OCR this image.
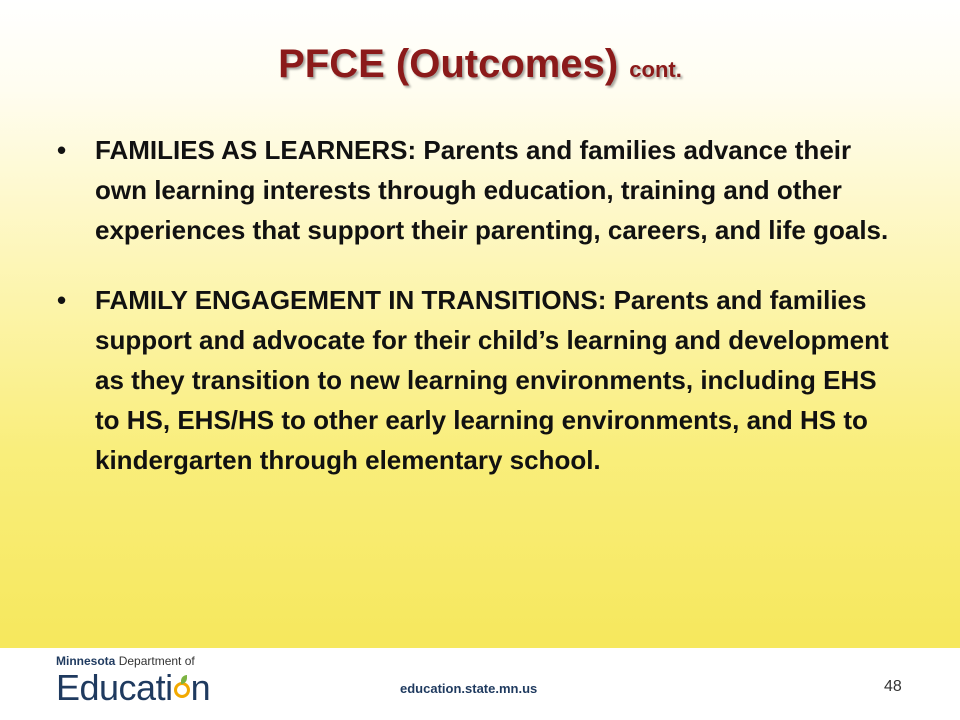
PFCE (Outcomes) cont.
• FAMILIES AS LEARNERS: Parents and families advance their own learning interests through education, training and other experiences that support their parenting, careers, and life goals.
• FAMILY ENGAGEMENT IN TRANSITIONS: Parents and families support and advocate for their child’s learning and development as they transition to new learning environments, including EHS to HS, EHS/HS to other early learning environments, and HS to kindergarten through elementary school.
Minnesota Department of
Educati n	education.state.mn.us	48
